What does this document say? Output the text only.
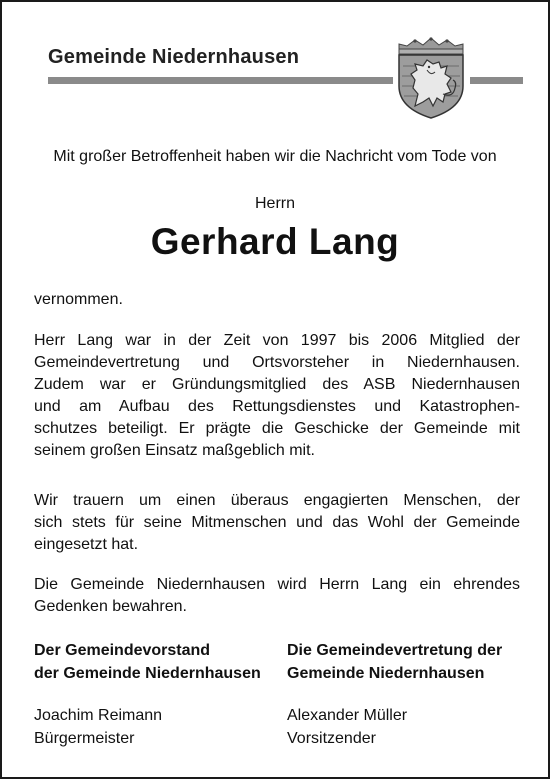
Gemeinde Niedernhausen
Mit großer Betroffenheit haben wir die Nachricht vom Tode von
Herrn
Gerhard Lang
vernommen.
Herr Lang war in der Zeit von 1997 bis 2006 Mitglied der
Gemeindevertretung und Ortsvorsteher in Niedernhausen.
Zudem war er Gründungsmitglied des ASB Niedernhausen
und am Aufbau des Rettungsdienstes und Katastrophen-
schutzes beteiligt. Er prägte die Geschicke der Gemeinde mit
seinem großen Einsatz maßgeblich mit.
Wir trauern um einen überaus engagierten Menschen, der
sich stets für seine Mitmenschen und das Wohl der Gemeinde
eingesetzt hat.
Die Gemeinde Niedernhausen wird Herrn Lang ein ehrendes
Gedenken bewahren.
Der Gemeindevorstand
der Gemeinde Niedernhausen
Die Gemeindevertretung der
Gemeinde Niedernhausen
Joachim Reimann
Bürgermeister
Alexander Müller
Vorsitzender
